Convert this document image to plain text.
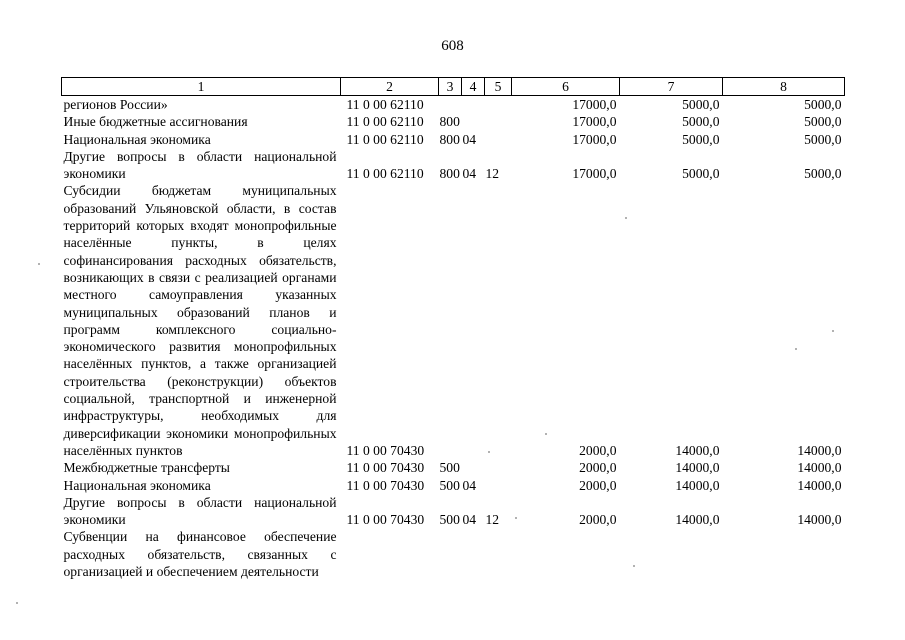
608
1	2	3	4	5	6	7	8
регионов России»	11 0 00 62110				17000,0	5000,0	5000,0
Иные бюджетные ассигнования	11 0 00 62110	800			17000,0	5000,0	5000,0
Национальная экономика	11 0 00 62110	800	04		17000,0	5000,0	5000,0
Другие вопросы в области национальной экономики	11 0 00 62110	800	04	12	17000,0	5000,0	5000,0
Субсидии бюджетам муниципальных образований Ульяновской области, в состав территорий которых входят монопрофильные населённые пункты, в целях софинансирования расходных обязательств, возникающих в связи с реализацией органами местного самоуправления указанных муниципальных образований планов и программ комплексного социально-экономического развития монопрофильных населённых пунктов, а также организацией строительства (реконструкции) объектов социальной, транспортной и инженерной инфраструктуры, необходимых для диверсификации экономики монопрофильных населённых пунктов	11 0 00 70430				2000,0	14000,0	14000,0
Межбюджетные трансферты	11 0 00 70430	500			2000,0	14000,0	14000,0
Национальная экономика	11 0 00 70430	500	04		2000,0	14000,0	14000,0
Другие вопросы в области национальной экономики	11 0 00 70430	500	04	12	2000,0	14000,0	14000,0
Субвенции на финансовое обеспечение расходных обязательств, связанных с организацией и обеспечением деятельности							
